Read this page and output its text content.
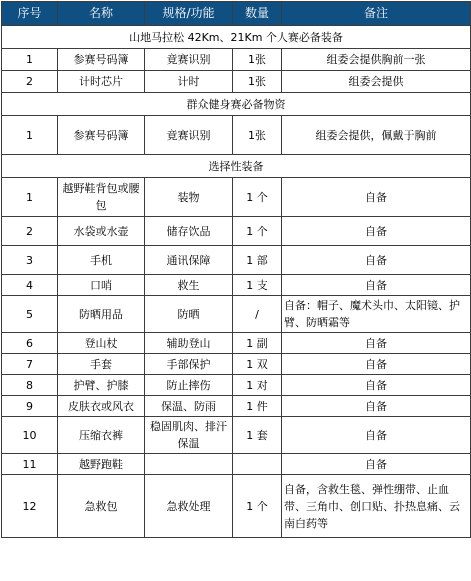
序号	名称	规格/功能	数量	备注
山地马拉松 42Km、21Km 个人赛必备装备				
1	参赛号码簿	竟赛识别	1张	组委会提供胸前一张
2	计时芯片	计时	1张	组委会提供
群众健身赛必备物资				
1	参赛号码簿	竟赛识别	1张	组委会提供，佩戴于胸前
选择性装备				
1	越野鞋背包或腰包	装物	1 个	自备
2	水袋或水壶	储存饮品	1 个	自备
3	手机	通讯保障	1 部	自备
4	口哨	救生	1 支	自备
5	防晒用品	防晒	/	自备：帽子、魔术头巾、太阳镜、护臂、防晒霜等
6	登山杖	辅助登山	1 副	自备
7	手套	手部保护	1 双	自备
8	护臂、护膝	防止摔伤	1 对	自备
9	皮肤衣或风衣	保温、防雨	1 件	自备
10	压缩衣裤	稳固肌肉、排汗保温	1 套	自备
11	越野跑鞋			自备
12	急救包	急救处理	1 个	自备，含救生毯、弹性绷带、止血带、三角巾、创口贴、扑热息痛、云南白药等
